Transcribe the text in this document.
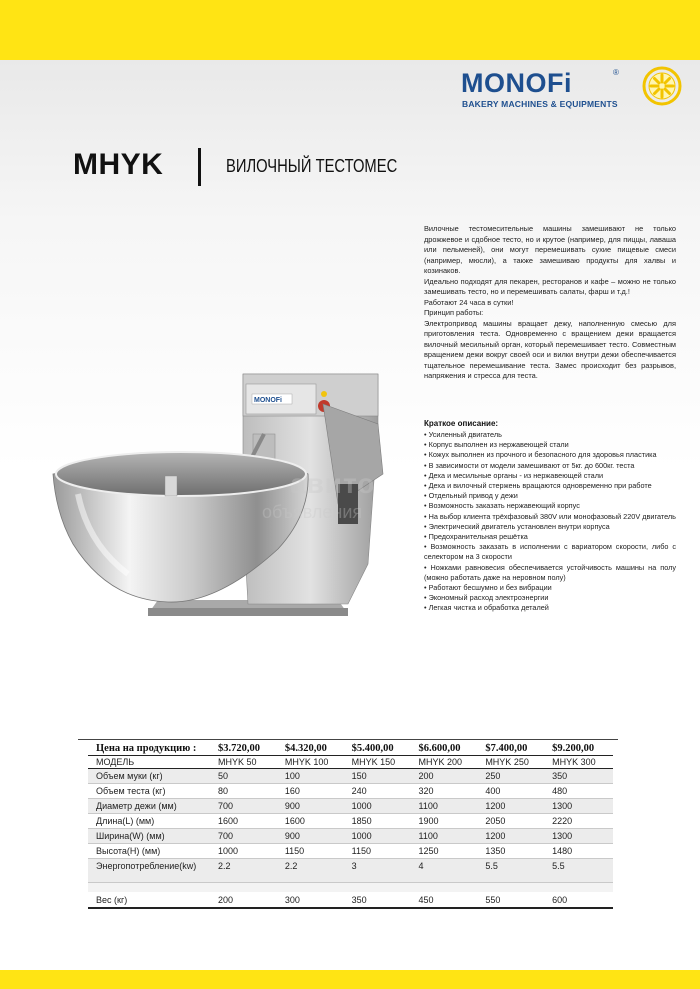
MONOFi	®
BAKERY MACHINES & EQUIPMENTS
MHYK	ВИЛОЧНЫЙ ТЕСТОМЕС
MONOFi
авито
объявления

Вилочные тестомесительные машины замешивают не только дрожжевое и сдобное тесто, но и крутое (например, для пиццы, лаваша или пельменей), они могут перемешивать сухие пищевые смеси (например, мюсли), а также замешиваю продукты для халвы и козинаков.

Идеально подходят для пекарен, ресторанов и кафе – можно не только замешивать тесто, но и перемешивать салаты, фарш и т.д.!

Работают 24 часа в сутки!

Принцип работы:

Электропривод машины вращает дежу, наполненную смесью для приготовления теста. Одновременно с вращением дежи вращается вилочный месильный орган, который перемешивает тесто. Совместным вращением дежи вокруг своей оси и вилки внутри дежи обеспечивается тщательное перемешивание теста. Замес происходит без разрывов, напряжения и стресса для теста.

Краткое описание:
• Усиленный двигатель
• Корпус выполнен из нержавеющей стали
• Кожух выполнен из прочного и безопасного для здоровья пластика
• В зависимости от модели замешивают от 5кг. до 600кг. теста
• Деха и месильные органы - из нержавеющей стали
• Деха и вилочный стержень вращаются одновременно при работе
• Отдельный привод у дежи
• Возможность заказать нержавеющий корпус
• На выбор клиента трёхфазовый 380V или монофазовый 220V двигатель
• Электрический двигатель установлен внутри корпуса
• Предохранительная решётка
• Возможность заказать в исполнении с вариатором скорости, либо с селектором на 3 скорости
• Ножками равновесия обеспечивается устойчивость машины на полу (можно работать даже на неровном полу)
• Работают бесшумно и без вибрации
• Экономный расход электроэнергии
• Легкая чистка и обработка деталей
Цена на продукцию :	$3.720,00	$4.320,00	$5.400,00	$6.600,00	$7.400,00	$9.200,00
МОДЕЛЬ	MHYK 50	MHYK 100	MHYK 150	MHYK 200	MHYK 250	MHYK 300
Объем муки (кг)	50	100	150	200	250	350
Объем теста (кг)	80	160	240	320	400	480
Диаметр дежи (мм)	700	900	1000	1100	1200	1300
Длина(L) (мм)	1600	1600	1850	1900	2050	2220
Ширина(W) (мм)	700	900	1000	1100	1200	1300
Высота(H) (мм)	1000	1150	1150	1250	1350	1480
Энергопотребление(kw)	2.2	2.2	3	4	5.5	5.5

Вес (кг)	200	300	350	450	550	600
